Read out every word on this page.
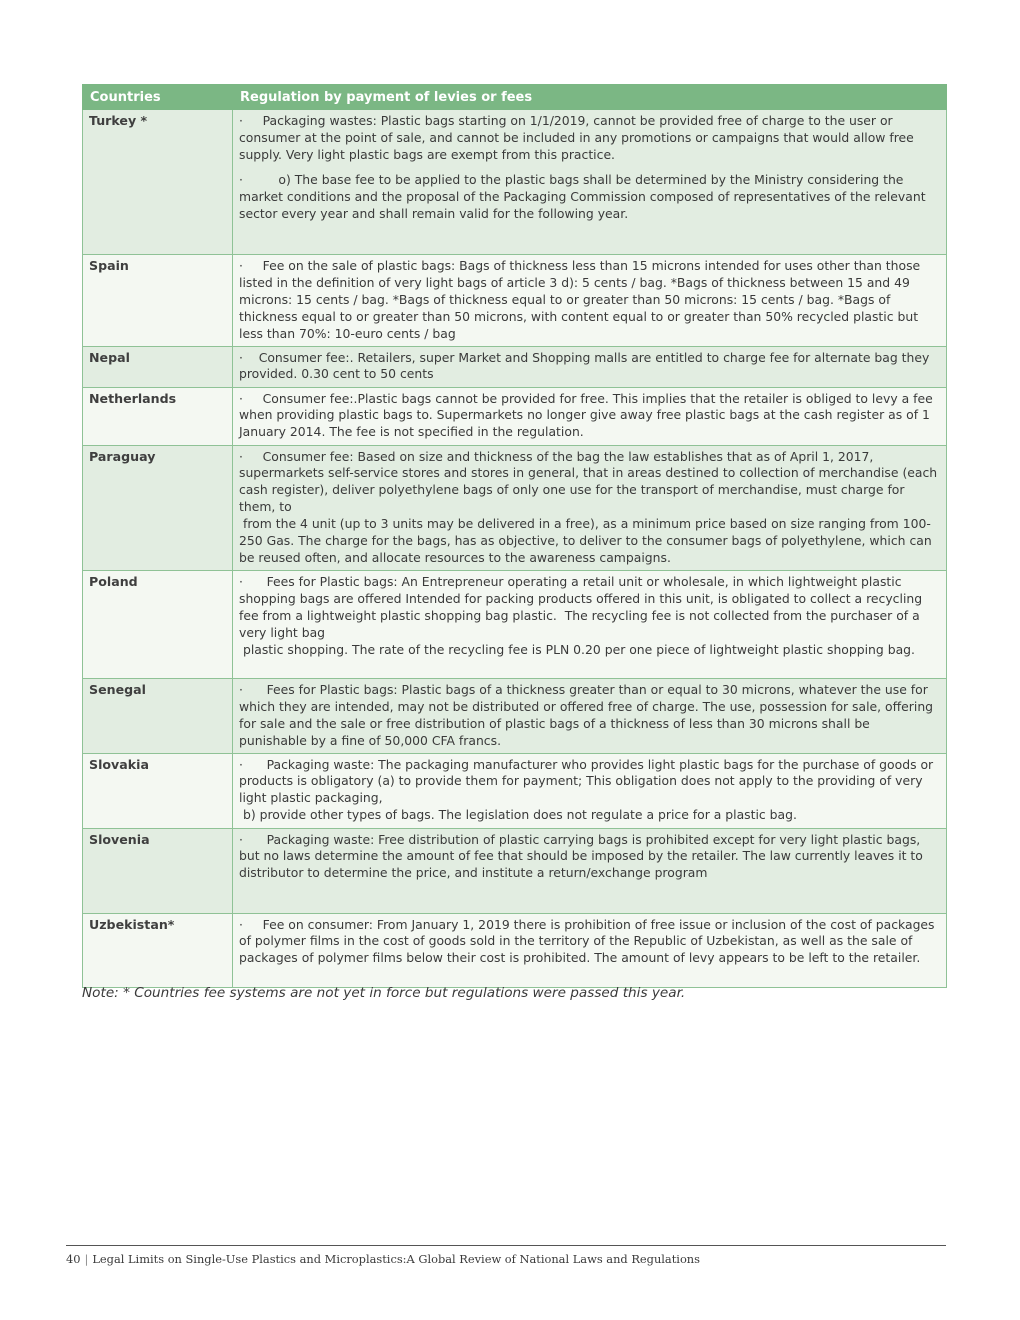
Countries	Regulation by payment of levies or fees
Turkey *	·     Packaging wastes: Plastic bags starting on 1/1/2019, cannot be provided free of charge to the user or consumer at the point of sale, and cannot be included in any promotions or campaigns that would allow free supply. Very light plastic bags are exempt from this practice.

·         o) The base fee to be applied to the plastic bags shall be determined by the Ministry considering the market conditions and the proposal of the Packaging Commission composed of representatives of the relevant sector every year and shall remain valid for the following year.

Spain	·     Fee on the sale of plastic bags: Bags of thickness less than 15 microns intended for uses other than those listed in the definition of very light bags of article 3 d): 5 cents / bag. *Bags of thickness between 15 and 49 microns: 15 cents / bag. *Bags of thickness equal to or greater than 50 microns: 15 cents / bag. *Bags of thickness equal to or greater than 50 microns, with content equal to or greater than 50% recycled plastic but less than 70%: 10-euro cents / bag

Nepal	·    Consumer fee:. Retailers, super Market and Shopping malls are entitled to charge fee for alternate bag they provided. 0.30 cent to 50 cents

Netherlands	·     Consumer fee:.Plastic bags cannot be provided for free. This implies that the retailer is obliged to levy a fee when providing plastic bags to. Supermarkets no longer give away free plastic bags at the cash register as of 1 January 2014. The fee is not specified in the regulation.

Paraguay	·     Consumer fee: Based on size and thickness of the bag the law establishes that as of April 1, 2017, supermarkets self-service stores and stores in general, that in areas destined to collection of merchandise (each cash register), deliver polyethylene bags of only one use for the transport of merchandise, must charge for them, to
from the 4 unit (up to 3 units may be delivered in a free), as a minimum price based on size ranging from 100-250 Gas. The charge for the bags, has as objective, to deliver to the consumer bags of polyethylene, which can be reused often, and allocate resources to the awareness campaigns.

Poland	·      Fees for Plastic bags: An Entrepreneur operating a retail unit or wholesale, in which lightweight plastic shopping bags are offered Intended for packing products offered in this unit, is obligated to collect a recycling fee from a lightweight plastic shopping bag plastic.  The recycling fee is not collected from the purchaser of a very light bag
plastic shopping. The rate of the recycling fee is PLN 0.20 per one piece of lightweight plastic shopping bag.

Senegal	·      Fees for Plastic bags: Plastic bags of a thickness greater than or equal to 30 microns, whatever the use for which they are intended, may not be distributed or offered free of charge. The use, possession for sale, offering for sale and the sale or free distribution of plastic bags of a thickness of less than 30 microns shall be punishable by a fine of 50,000 CFA francs.

Slovakia	·      Packaging waste: The packaging manufacturer who provides light plastic bags for the purchase of goods or products is obligatory (a) to provide them for payment; This obligation does not apply to the providing of very light plastic packaging,
b) provide other types of bags. The legislation does not regulate a price for a plastic bag.

Slovenia	·      Packaging waste: Free distribution of plastic carrying bags is prohibited except for very light plastic bags, but no laws determine the amount of fee that should be imposed by the retailer. The law currently leaves it to distributor to determine the price, and institute a return/exchange program

Uzbekistan*	·     Fee on consumer: From January 1, 2019 there is prohibition of free issue or inclusion of the cost of packages of polymer films in the cost of goods sold in the territory of the Republic of Uzbekistan, as well as the sale of packages of polymer films below their cost is prohibited. The amount of levy appears to be left to the retailer.

Note: * Countries fee systems are not yet in force but regulations were passed this year.
40 | Legal Limits on Single-Use Plastics and Microplastics:A Global Review of National Laws and Regulations
